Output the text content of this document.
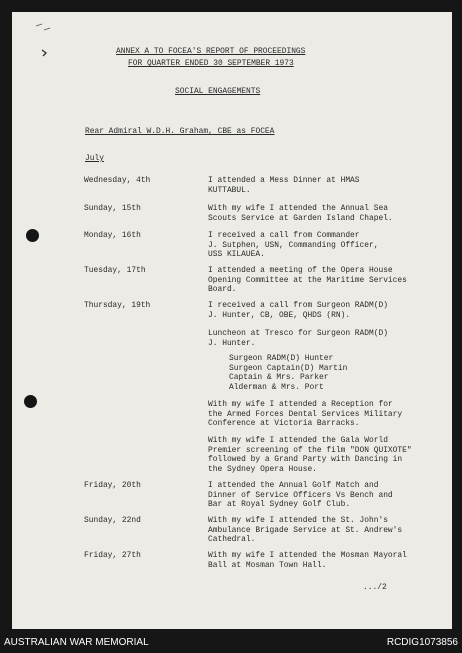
ANNEX A TO FOCEA'S REPORT OF PROCEEDINGS
FOR QUARTER ENDED 30 SEPTEMBER 1973
SOCIAL ENGAGEMENTS
Rear Admiral W.D.H. Graham, CBE as FOCEA
July
Wednesday, 4th	I attended a Mess Dinner at HMAS
KUTTABUL.
Sunday, 15th	With my wife I attended the Annual Sea
Scouts Service at Garden Island Chapel.
Monday, 16th	I received a call from Commander
J. Sutphen, USN, Commanding Officer,
USS KILAUEA.
Tuesday, 17th	I attended a meeting of the Opera House
Opening Committee at the Maritime Services
Board.
Thursday, 19th	I received a call from Surgeon RADM(D)
J. Hunter, CB, OBE, QHDS (RN).
Luncheon at Tresco for Surgeon RADM(D)
J. Hunter.
Surgeon RADM(D) Hunter
Surgeon Captain(D) Martin
Captain & Mrs. Parker
Alderman & Mrs. Port
With my wife I attended a Reception for
the Armed Forces Dental Services Military
Conference at Victoria Barracks.
With my wife I attended the Gala World
Premier screening of the film "DON QUIXOTE"
followed by a Grand Party with Dancing in
the Sydney Opera House.
Friday, 20th	I attended the Annual Golf Match and
Dinner of Service Officers Vs Bench and
Bar at Royal Sydney Golf Club.
Sunday, 22nd	With my wife I attended the St. John's
Ambulance Brigade Service at St. Andrew's
Cathedral.
Friday, 27th	With my wife I attended the Mosman Mayoral
Ball at Mosman Town Hall.
.../2
AUSTRALIAN WAR MEMORIAL	RCDIG1073856
